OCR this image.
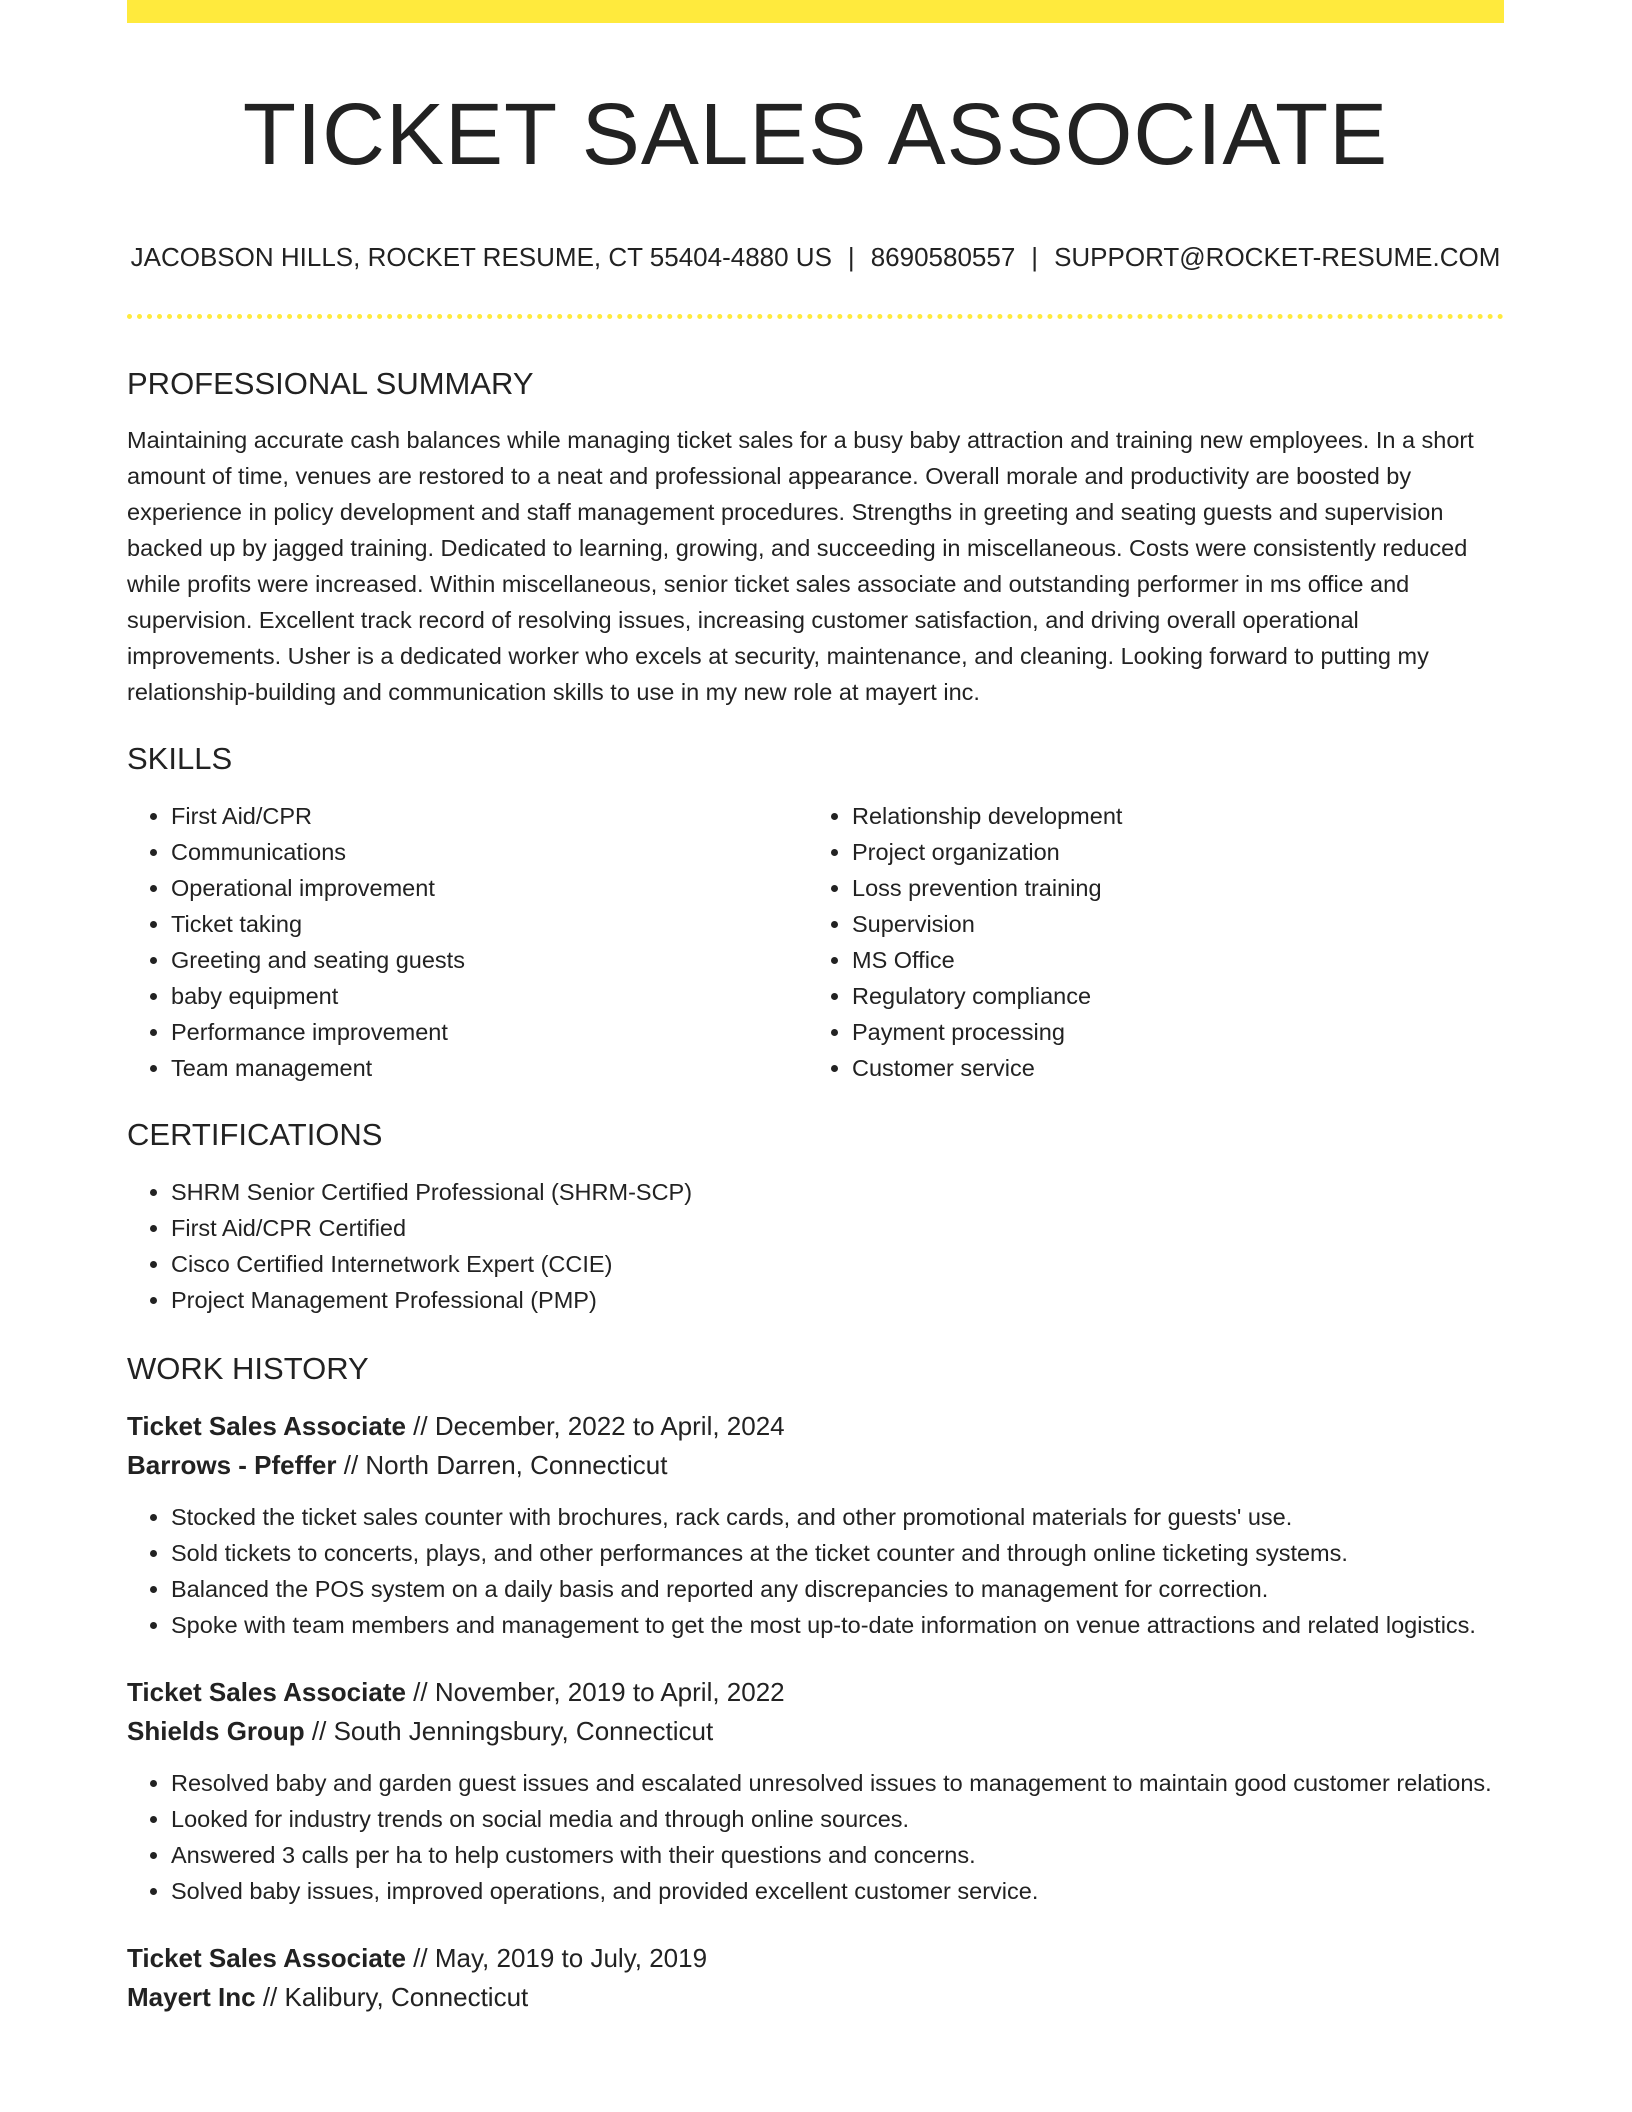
TICKET SALES ASSOCIATE
JACOBSON HILLS, ROCKET RESUME, CT 55404-4880 US | 8690580557 | SUPPORT@ROCKET-RESUME.COM
PROFESSIONAL SUMMARY

Maintaining accurate cash balances while managing ticket sales for a busy baby attraction and training new employees. In a short amount of time, venues are restored to a neat and professional appearance. Overall morale and productivity are boosted by experience in policy development and staff management procedures. Strengths in greeting and seating guests and supervision backed up by jagged training. Dedicated to learning, growing, and succeeding in miscellaneous. Costs were consistently reduced while profits were increased. Within miscellaneous, senior ticket sales associate and outstanding performer in ms office and supervision. Excellent track record of resolving issues, increasing customer satisfaction, and driving overall operational improvements. Usher is a dedicated worker who excels at security, maintenance, and cleaning. Looking forward to putting my relationship-building and communication skills to use in my new role at mayert inc.

SKILLS
• First Aid/CPR
• Communications
• Operational improvement
• Ticket taking
• Greeting and seating guests
• baby equipment
• Performance improvement
• Team management
• Relationship development
• Project organization
• Loss prevention training
• Supervision
• MS Office
• Regulatory compliance
• Payment processing
• Customer service
CERTIFICATIONS
• SHRM Senior Certified Professional (SHRM-SCP)
• First Aid/CPR Certified
• Cisco Certified Internetwork Expert (CCIE)
• Project Management Professional (PMP)
WORK HISTORY
Ticket Sales Associate // December, 2022 to April, 2024
Barrows - Pfeffer // North Darren, Connecticut
• Stocked the ticket sales counter with brochures, rack cards, and other promotional materials for guests' use.
• Sold tickets to concerts, plays, and other performances at the ticket counter and through online ticketing systems.
• Balanced the POS system on a daily basis and reported any discrepancies to management for correction.
• Spoke with team members and management to get the most up-to-date information on venue attractions and related logistics.
Ticket Sales Associate // November, 2019 to April, 2022
Shields Group // South Jenningsbury, Connecticut
• Resolved baby and garden guest issues and escalated unresolved issues to management to maintain good customer relations.
• Looked for industry trends on social media and through online sources.
• Answered 3 calls per ha to help customers with their questions and concerns.
• Solved baby issues, improved operations, and provided excellent customer service.
Ticket Sales Associate // May, 2019 to July, 2019
Mayert Inc // Kalibury, Connecticut
